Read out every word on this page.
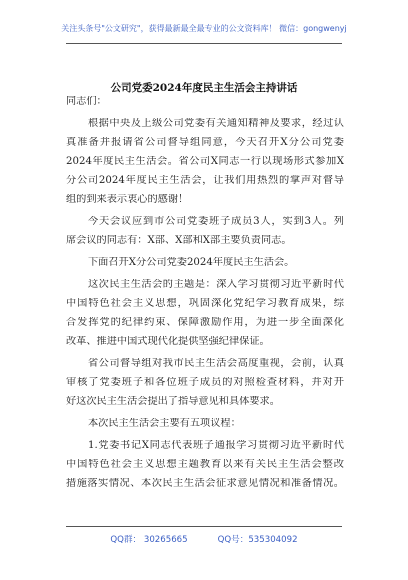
关注头条号"公文研究"，获得最新最全最专业的公文资料库！ 微信：gongwenyj
公司党委2024年度民主生活会主持讲话
同志们：
根据中央及上级公司党委有关通知精神及要求，经过认
真准备并报请省公司督导组同意，今天召开X分公司党委
2024年度民主生活会。省公司X同志一行以现场形式参加X
分公司2024年度民主生活会，让我们用热烈的掌声对督导
组的到来表示衷心的感谢！
今天会议应到市公司党委班子成员3人，实到3人。列
席会议的同志有：X部、X部和X部主要负责同志。
下面召开X分公司党委2024年度民主生活会。
这次民主生活会的主题是：深入学习贯彻习近平新时代
中国特色社会主义思想，巩固深化党纪学习教育成果，综
合发挥党的纪律约束、保障激励作用，为进一步全面深化
改革、推进中国式现代化提供坚强纪律保证。
省公司督导组对我市民主生活会高度重视，会前，认真
审核了党委班子和各位班子成员的对照检查材料，并对开
好这次民主生活会提出了指导意见和具体要求。
本次民主生活会主要有五项议程：
1.党委书记X同志代表班子通报学习贯彻习近平新时代
中国特色社会主义思想主题教育以来有关民主生活会整改
措施落实情况、本次民主生活会征求意见情况和准备情况。
QQ群： 30265665	QQ号：535304092
